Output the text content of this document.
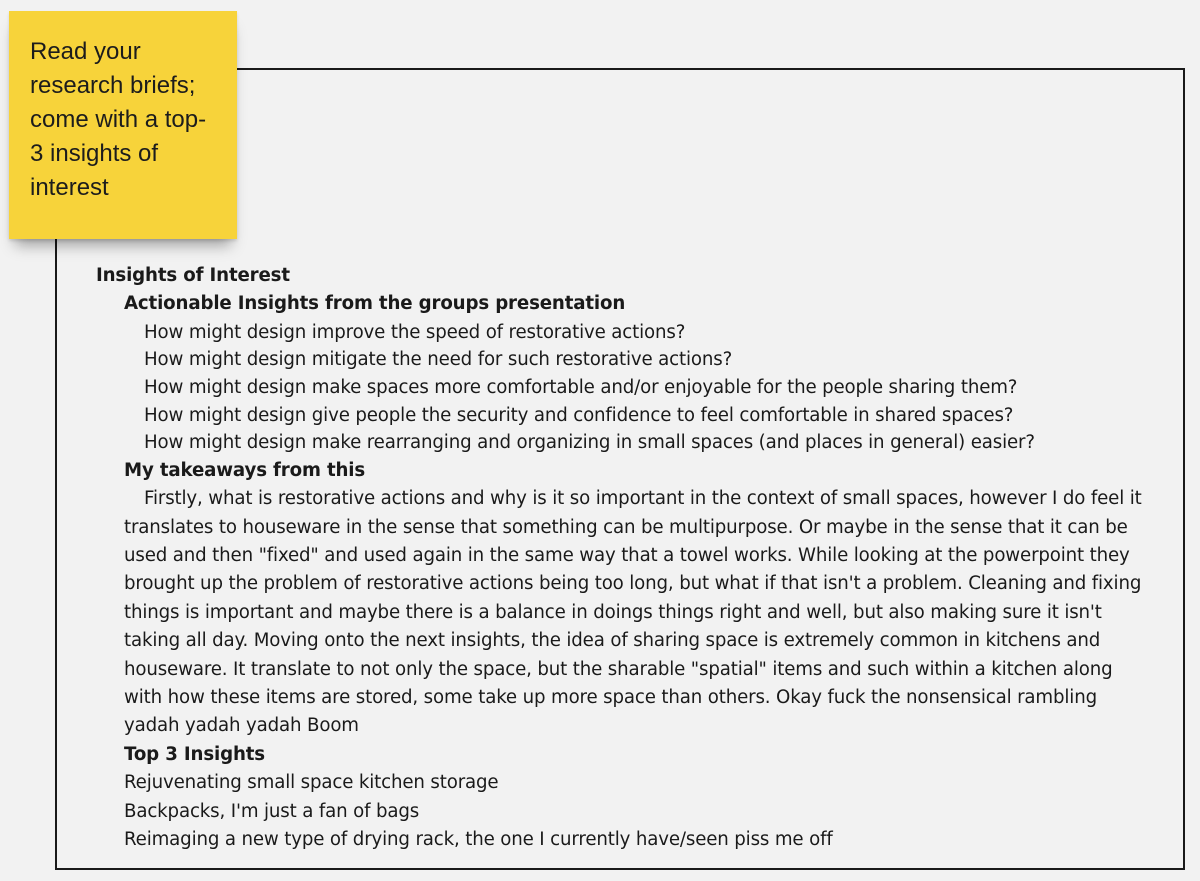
Read your research briefs; come with a top-3 insights of interest

Insights of Interest

Actionable Insights from the groups presentation

How might design improve the speed of restorative actions?
How might design mitigate the need for such restorative actions?
How might design make spaces more comfortable and/or enjoyable for the people sharing them?
How might design give people the security and confidence to feel comfortable in shared spaces?
How might design make rearranging and organizing in small spaces (and places in general) easier?

My takeaways from this

Firstly, what is restorative actions and why is it so important in the context of small spaces, however I do feel it translates to houseware in the sense that something can be multipurpose. Or maybe in the sense that it can be used and then "fixed" and used again in the same way that a towel works. While looking at the powerpoint they brought up the problem of restorative actions being too long, but what if that isn't a problem. Cleaning and fixing things is important and maybe there is a balance in doings things right and well, but also making sure it isn't taking all day. Moving onto the next insights, the idea of sharing space is extremely common in kitchens and houseware. It translate to not only the space, but the sharable "spatial" items and such within a kitchen along with how these items are stored, some take up more space than others. Okay fuck the nonsensical rambling yadah yadah yadah Boom

Top 3 Insights

Rejuvenating small space kitchen storage
Backpacks, I'm just a fan of bags
Reimaging a new type of drying rack, the one I currently have/seen piss me off
